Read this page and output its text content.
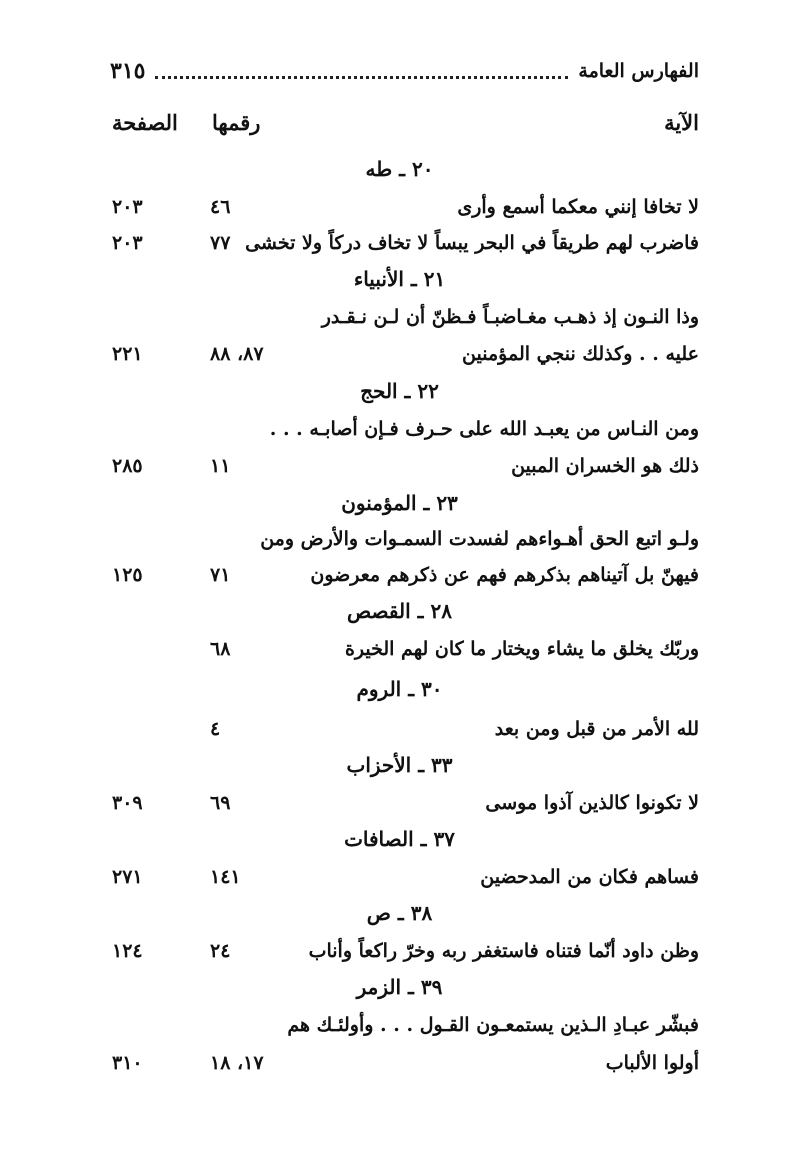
الفهارس العامة
٣١٥
الآية
رقمها
الصفحة
٢٠ ـ طه
لا تخافا إنني معكما أسمع وأرى
٤٦
٢٠٣
فاضرب لهم طريقاً في البحر يبساً لا تخاف دركاً ولا تخشى
٧٧
٢٠٣
٢١ ـ الأنبياء
وذا النـون إذ ذهـب مغـاضبـاً فـظنّ أن لـن نـقـدر
عليه . . وكذلك ننجي المؤمنين
٨٧، ٨٨
٢٢١
٢٢ ـ الحج
ومن النـاس من يعبـد الله على حـرف فـإن أصابـه . . .
ذلك هو الخسران المبين
١١
٢٨٥
٢٣ ـ المؤمنون
ولـو اتبع الحق أهـواءهم لفسدت السمـوات والأرض ومن
فيهنّ بل آتيناهم بذكرهم فهم عن ذكرهم معرضون
٧١
١٢٥
٢٨ ـ القصص
وربّك يخلق ما يشاء ويختار ما كان لهم الخيرة
٦٨
٣٠ ـ الروم
لله الأمر من قبل ومن بعد
٤
٣٣ ـ الأحزاب
لا تكونوا كالذين آذوا موسى
٦٩
٣٠٩
٣٧ ـ الصافات
فساهم فكان من المدحضين
١٤١
٢٧١
٣٨ ـ ص
وظن داود أنّما فتناه فاستغفر ربه وخرّ راكعاً وأناب
٢٤
١٢٤
٣٩ ـ الزمر
فبشّر عبـادِ الـذين يستمعـون القـول . . . وأولئـك هم
أولوا الألباب
١٧، ١٨
٣١٠
